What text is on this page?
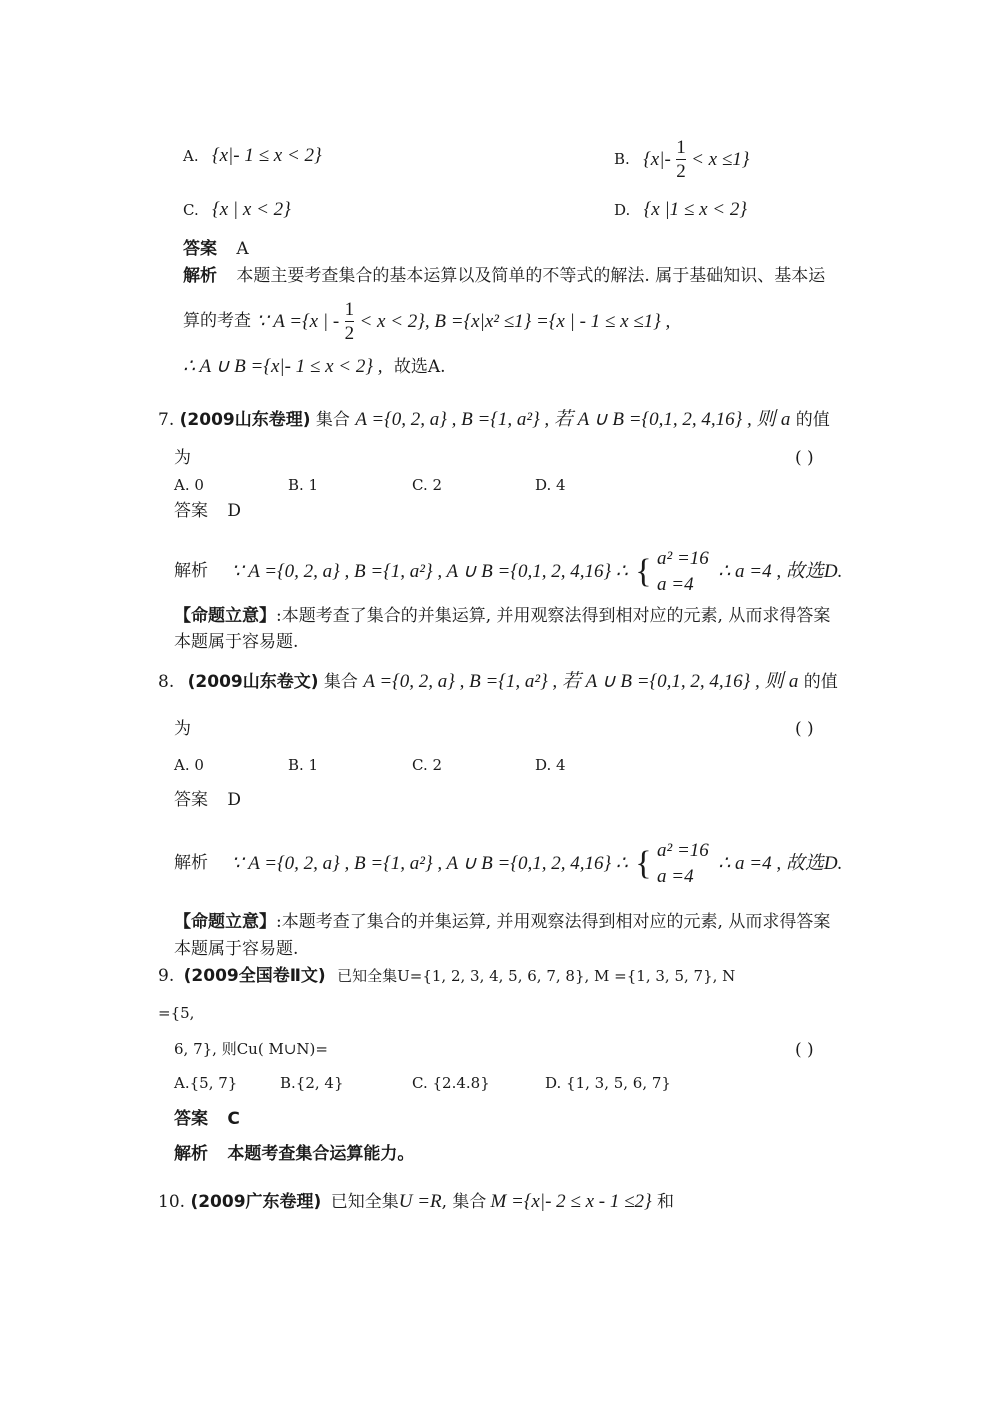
A. {x|- 1 ≤ x < 2}	B. $\{x|- \frac{1}{2} < x \le 1\}$
C. {x | x < 2}	D. {x |1 ≤ x < 2}
答案 A
解析 本题主要考查集合的基本运算以及简单的不等式的解法. 属于基础知识、基本运
算的考查 ∵ A ={x | - $\frac{1}{2} < x < 2$}, B ={x|x² ≤1} ={x | - 1 ≤ x ≤1} ,
∴ A ∪ B ={x|- 1 ≤ x < 2} , 故选A.
7. (2009山东卷理) 集合 A ={0, 2, a} , B ={1, a²} , 若 A ∪ B ={0,1, 2, 4,16} , 则 a 的值
为	( )
A. 0	B. 1	C. 2	D. 4
答案 D
解析 ∵ A ={0, 2, a} , B ={1, a²} , A ∪ B ={0,1, 2, 4,16} ∴ { a² =16
a =4
∴ a =4 , 故选D.
【命题立意】:本题考查了集合的并集运算, 并用观察法得到相对应的元素, 从而求得答案
本题属于容易题.
8. (2009山东卷文) 集合 A ={0, 2, a} , B ={1, a²} , 若 A ∪ B ={0,1, 2, 4,16} , 则 a 的值
为	( )
A. 0	B. 1	C. 2	D. 4
答案 D
解析 ∵ A ={0, 2, a} , B ={1, a²} , A ∪ B ={0,1, 2, 4,16} ∴ { a² =16
a =4
∴ a =4 , 故选D.
【命题立意】:本题考查了集合的并集运算, 并用观察法得到相对应的元素, 从而求得答案
本题属于容易题.
9. (2009全国卷Ⅱ文) 已知全集U={1, 2, 3, 4, 5, 6, 7, 8}, M ={1, 3, 5, 7}, N
={5,
6, 7}, 则Cu( M∪N)=	( )
A.{5, 7}	B.{2, 4}	C. {2.4.8}	D. {1, 3, 5, 6, 7}
答案 C
解析 本题考查集合运算能力。
10. (2009广东卷理) 已知全集U =R, 集合 M ={x|- 2 ≤ x - 1 ≤2} 和
